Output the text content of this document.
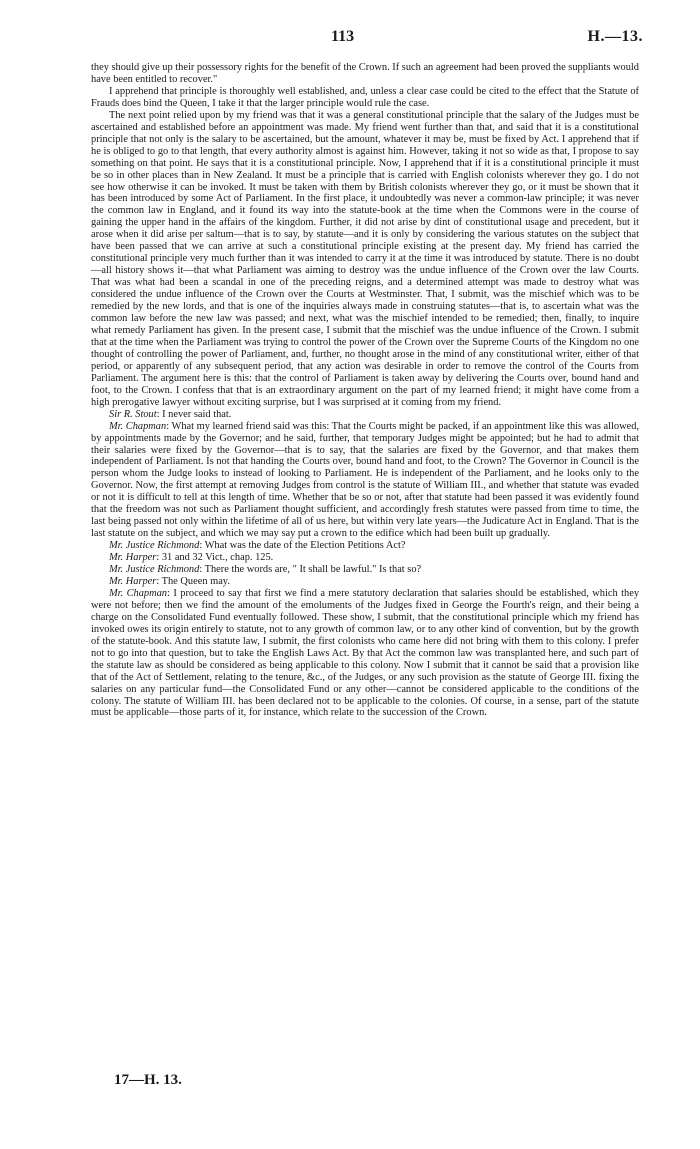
113	H.—13.

they should give up their possessory rights for the benefit of the Crown. If such an agreement had been proved the suppliants would have been entitled to recover."

I apprehend that principle is thoroughly well established, and, unless a clear case could be cited to the effect that the Statute of Frauds does bind the Queen, I take it that the larger principle would rule the case.

The next point relied upon by my friend was that it was a general constitutional principle that the salary of the Judges must be ascertained and established before an appointment was made. My friend went further than that, and said that it is a constitutional principle that not only is the salary to be ascertained, but the amount, whatever it may be, must be fixed by Act. I apprehend that if he is obliged to go to that length, that every authority almost is against him. However, taking it not so wide as that, I propose to say something on that point. He says that it is a constitutional principle. Now, I apprehend that if it is a constitutional principle it must be so in other places than in New Zealand. It must be a principle that is carried with English colonists wherever they go. I do not see how otherwise it can be invoked. It must be taken with them by British colonists wherever they go, or it must be shown that it has been introduced by some Act of Parliament. In the first place, it undoubtedly was never a common-law principle; it was never the common law in England, and it found its way into the statute-book at the time when the Commons were in the course of gaining the upper hand in the affairs of the kingdom. Further, it did not arise by dint of constitutional usage and precedent, but it arose when it did arise per saltum—that is to say, by statute—and it is only by considering the various statutes on the subject that have been passed that we can arrive at such a constitutional principle existing at the present day. My friend has carried the constitutional principle very much further than it was intended to carry it at the time it was introduced by statute. There is no doubt—all history shows it—that what Parliament was aiming to destroy was the undue influence of the Crown over the law Courts. That was what had been a scandal in one of the preceding reigns, and a determined attempt was made to destroy what was considered the undue influence of the Crown over the Courts at Westminster. That, I submit, was the mischief which was to be remedied by the new lords, and that is one of the inquiries always made in construing statutes—that is, to ascertain what was the common law before the new law was passed; and next, what was the mischief intended to be remedied; then, finally, to inquire what remedy Parliament has given. In the present case, I submit that the mischief was the undue influence of the Crown. I submit that at the time when the Parliament was trying to control the power of the Crown over the Supreme Courts of the Kingdom no one thought of controlling the power of Parliament, and, further, no thought arose in the mind of any constitutional writer, either of that period, or apparently of any subsequent period, that any action was desirable in order to remove the control of the Courts from Parliament. The argument here is this: that the control of Parliament is taken away by delivering the Courts over, bound hand and foot, to the Crown. I confess that that is an extraordinary argument on the part of my learned friend; it might have come from a high prerogative lawyer without exciting surprise, but I was surprised at it coming from my friend.

Sir R. Stout: I never said that.

Mr. Chapman: What my learned friend said was this: That the Courts might be packed, if an appointment like this was allowed, by appointments made by the Governor; and he said, further, that temporary Judges might be appointed; but he had to admit that their salaries were fixed by the Governor—that is to say, that the salaries are fixed by the Governor, and that makes them independent of Parliament. Is not that handing the Courts over, bound hand and foot, to the Crown? The Governor in Council is the person whom the Judge looks to instead of looking to Parliament. He is independent of the Parliament, and he looks only to the Governor. Now, the first attempt at removing Judges from control is the statute of William III., and whether that statute was evaded or not it is difficult to tell at this length of time. Whether that be so or not, after that statute had been passed it was evidently found that the freedom was not such as Parliament thought sufficient, and accordingly fresh statutes were passed from time to time, the last being passed not only within the lifetime of all of us here, but within very late years—the Judicature Act in England. That is the last statute on the subject, and which we may say put a crown to the edifice which had been built up gradually.

Mr. Justice Richmond: What was the date of the Election Petitions Act?

Mr. Harper: 31 and 32 Vict., chap. 125.

Mr. Justice Richmond: There the words are, " It shall be lawful." Is that so?

Mr. Harper: The Queen may.

Mr. Chapman: I proceed to say that first we find a mere statutory declaration that salaries should be established, which they were not before; then we find the amount of the emoluments of the Judges fixed in George the Fourth's reign, and their being a charge on the Consolidated Fund eventually followed. These show, I submit, that the constitutional principle which my friend has invoked owes its origin entirely to statute, not to any growth of common law, or to any other kind of convention, but by the growth of the statute-book. And this statute law, I submit, the first colonists who came here did not bring with them to this colony. I prefer not to go into that question, but to take the English Laws Act. By that Act the common law was transplanted here, and such part of the statute law as should be considered as being applicable to this colony. Now I submit that it cannot be said that a provision like that of the Act of Settlement, relating to the tenure, &c., of the Judges, or any such provision as the statute of George III. fixing the salaries on any particular fund—the Consolidated Fund or any other—cannot be considered applicable to the conditions of the colony. The statute of William III. has been declared not to be applicable to the colonies. Of course, in a sense, part of the statute must be applicable—those parts of it, for instance, which relate to the succession of the Crown.

17—H. 13.
